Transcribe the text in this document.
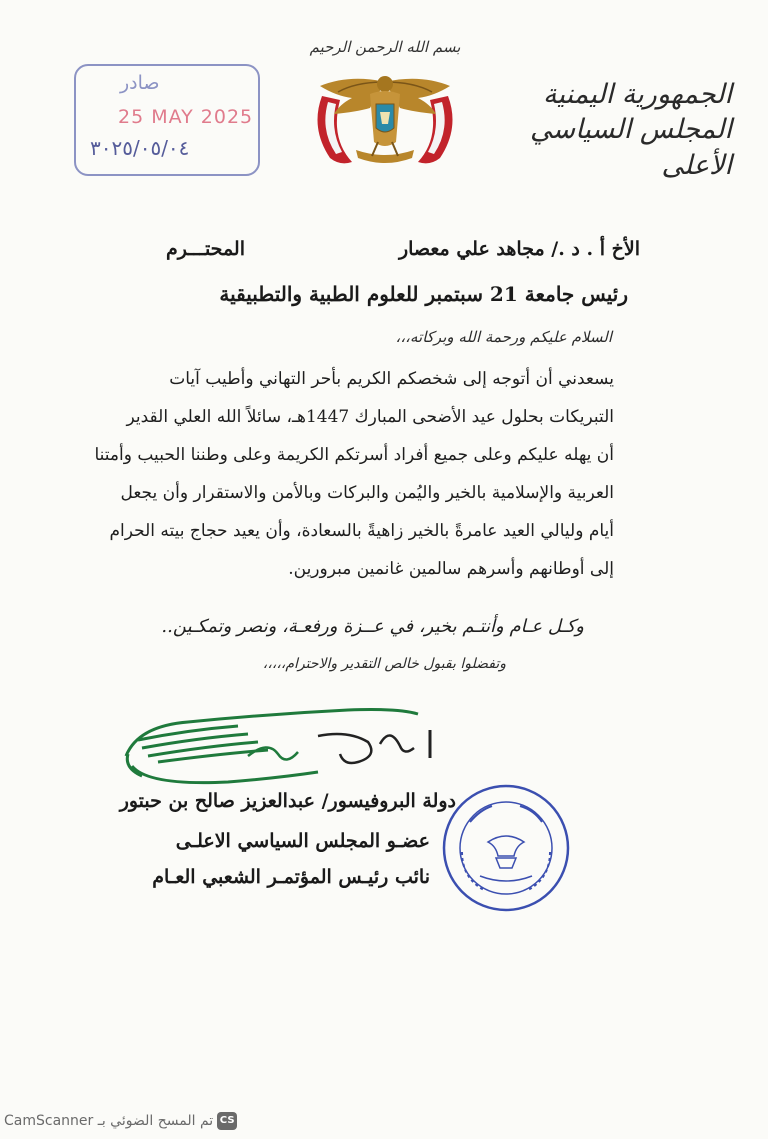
الجمهورية اليمنية
المجلس السياسي الأعلى
بسم الله الرحمن الرحيم
صادر
25 MAY 2025
٣٠٢٥/٠٥/٠٤
الأخ أ . د ./ مجاهد علي معصار
المحتـــرم
رئيس جامعة 21 سبتمبر للعلوم الطبية والتطبيقية
السلام عليكم ورحمة الله وبركاته،،،
يسعدني أن أتوجه إلى شخصكم الكريم بأحر التهاني وأطيب آيات
التبريكات بحلول عيد الأضحى المبارك 1447هـ، سائلاً الله العلي القدير
أن يهله عليكم وعلى جميع أفراد أسرتكم الكريمة وعلى وطننا الحبيب وأمتنا
العربية والإسلامية بالخير واليُمن والبركات وبالأمن والاستقرار وأن يجعل
أيام وليالي العيد عامرةً بالخير زاهيةً بالسعادة، وأن يعيد حجاج بيته الحرام
إلى أوطانهم وأسرهم سالمين غانمين مبرورين.
وكـل عـام وأنتـم بخير، في عــزة ورفعـة، ونصر وتمكـين..
وتفضلوا بقبول خالص التقدير والاحترام،،،،،
دولة البروفيسور/ عبدالعزيز صالح بن حبتور
عضـو المجلس السياسي الاعلـى
نائب رئيـس المؤتمـر الشعبي العـام
CS
تم المسح الضوئي بـ CamScanner
